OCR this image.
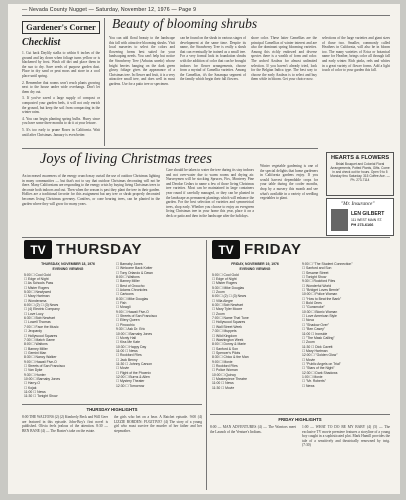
— Nevada County Nugget — Saturday, November 12, 1976 — Page 9
Gardener's Corner
Checklist

1. Cut back Daylily stalks to within 6 inches of the ground and lay down when foliage turns yellow or is blackened by frost. Wash off dirt and place them in the sun to dry. Save seeds of purpose garden dust. Place in dry sand or peat moss and store in a cool place until spring.

2. Remember that rooms won't reach plants growing next to the house under wide overhangs. Don't let them dry out.

3. If you've saved a large supply of compost or composted your garden beds, it will not only enrich the ground, but keep the soil from compacting in the winter rains.

4. You can begin planting spring bulbs. Hurry since you have some three months to do it at your leisure.

5. It's too early to prune Roses in California. Wait until after Christmas. January is even better.

Beauty of blooming shrubs
You can add floral beauty to the landscape this fall with attractive blooming shrubs. Visit local nurseries to select the colors and flowering forms best suited for your landscaping needs. You can't help but notice the Strawberry Tree (Arbutus unedo) whose bright berries hanging on the dark green glossy foliage gives the appearance of a Christmas tree. In flower and fruit, it is a very attractive small tree, and does well in most gardens. Use for a patio tree or specimen.
can be found on the shrub in various stages of development at the same time. Despite its name, the Strawberry Tree is really a shrub that can eventually be trained as a small tree. For a very formal look in foundation shrubs with the addition of color that can be brought indoors for flower arrangements, choose from a myriad of Camellia varieties. Among the Camellias, it's the Sasanqua segment of the family which begin their fall flowers.
shore color. These latter Camellias are the principal Camellias of winter interest and are also the dominant spring blooming varieties. Among this richly endowed and diverse species there is a wealth of form and color. The arched Azaleas for almost unlimited selection. If you haven't already tried, look for the Belgian Indica type. The best way to choose the early Azaleas is to select and buy them while in bloom. Get your choice now.
selections of the large varieties and giant sizes of those two. Smaller, commonly called Heathers in California, will also be in bloom too. The many varieties of Erica or botanical name for Heather, brings color all through fall and early winter. Rich pinks, reds and whites in a great variety of flower forms. Add a light touch of color to your garden this fall.
Joys of living Christmas trees
An increased awareness of the energy crunch may curtail the use of outdoor Christmas lighting in many communities — but that's not to say that outdoor Christmas decorating will not be there. Many Californians are responding to the energy crisis by buying living Christmas trees to decorate both indoors and out. Then when the season is past they plant the tree in their garden. Hollies are a traditional favorite for this assignment but any tree or shrub properly decorated becomes living Christmas greenery. Conifers, or cone bearing trees, can be planted in the garden where they will grow for many years.
Care should be taken to water the tree during its stay indoors and not over-water due to warm rooms and drying air. Nurserymen will be stocking Spruces, Firs, Monterey Pine and Deodar Cedars to name a few of those living Christmas tree varieties. Most can be maintained in large containers year round if carefully managed, or they can be planted in the landscape as permanent plantings which will enhance the garden. For the best selection of varieties and symmetrical trees, shop early. Whether you choose to enjoy an evergreen living Christmas tree in your home this year, place it on a deck or patio and then in the landscape after the holidays.
Winter vegetable gardening is one of the special delights that home gardeners in California gardens enjoy. If you would harvest dependable crops for your table during the cooler months, drop by a nursery this month and see what's available in a variety of seedling vegetables to plant.
HEARTS & FLOWERS
Bridal Bouquet and Colonial Floral Arrangements, Potted Plants, Gifts. Come in and check out for hours. Open 9 to 5 Monday thru Saturday. 315 Coffee Ave. — Ph. 273-7114
"Mr. Insurance"
LEN GILBERT
111 WEST MAIN ST.
PH 273-6166
TV THURSDAY
THURSDAY, NOVEMBER 18, 1976
EVENING VIEWING
5:00 ☐ Cool Gold
☐ Edge of Night
☐ As Schools Pass
☐ Mister Rogers
5:30 ☐ Newlywed
☐ Mary Hartman
☐ Wonderama
6:00 ☐ (2) ☐ (3) News
☐ (4) Electric Company
☐ Love Lucy
6:30 ☐ Bob Newhart
☐ Lowell Thomas
7:00 ☐ Face the Music
☐ Jeopardy
☐ Hollywood Squares
7:30 ☐ Match Game
8:00 ☐ Waltons
☐ Barney Miller
☐ Gemini Man
8:30 ☐ Nancy Walker
9:00 ☐ Hawaii Five-O
☐ Streets of San Francisco
☐ Van Dyke
9:30 ☐ Hunter
10:00 ☐ Barnaby Jones
☐ Harry-O
☐ Kojak
11:00 ☐ News
11:30 ☐ Tonight Show
☐ Barnaby Jones
☐ Welcome Back Kotter
☐ Tony Orlando & Dawn
8:00 ☐ Waltons
☐ Barney Miller
☐ Best of Groucho
☐ Adams Chronicles
☐ Cartoons
8:30 ☐ Mike Douglas
☐ Fish
☐ Mowgli
9:00 ☐ Hawaii Five-O
☐ Streets of San Francisco
☐ Ellery Queen
☐ Pinocchio
9:30 ☐ Ask Dr. Eric
10:00 ☐ Barnaby Jones
☐ Monty Hall
☐ Kiss Me Kate
10:30 ☐ Happy Day
11:00 ☐ News
☐ Rockford Files
☐ Jack Benny
11:30 ☐ Johnny Carson
☐ Movie
☐ Flight of the Phoenix
12:00 ☐ Burns & Allen
☐ Mystery Theater
12:30 ☐ Tomorrow
THURSDAY HIGHLIGHTS
8:00 THE WALTONS (2) (2) Kimberly Beck and Will Geer are featured in this episode. John-Boy's first novel is published. Olivia feels jealous of the attention. 8:30 — BEN BANE (4) — The Baxter's take on the estate.
the girls who bet on a bear. A Ratchet episode. 9:00 (4) LIZZIE BORDEN: FUGITIVE? (4) The story of a young girl who must survive the murder of her father and her stepmother.
TV FRIDAY
FRIDAY, NOVEMBER 19, 1976
EVENING VIEWING
5:00 ☐ Cool Gold
☐ Edge of Night
☐ Mister Rogers
5:30 ☐ Mike Douglas
☐ Zoom
6:00 ☐ (2) ☐ (3) News
☐ Villa Alegre
6:30 ☐ Bob Newhart
☐ Mary Tyler Moore
☐ Zoom
7:00 ☐ Name That Tune
☐ Hollywood Squares
☐ Wall Street Week
7:30 ☐ Muppets
☐ Wild Kingdom
☐ Washington Week
8:00 ☐ Donny & Marie
☐ Sanford & Son
☐ Spencer's Pilots
8:30 ☐ Chico & the Man
9:00 ☐ Movie
☐ Rockford Files
☐ Police Woman
10:00 ☐ Quincy
☐ Masterpiece Theatre
11:00 ☐ News
11:30 ☐ Movie
9:00 ☐ "The Student Connection"
☐ Sanford and Son
☐ Sesame Street
☐ Tonight Show
9:30 ☐ Rockford Files
☐ Wonderful World
☐ "Bridget Loves Bernie"
10:00 ☐ Police Woman
☐ "How to Beat the Bank"
☐ Bold Ones
☐ "Gunsmoke"
10:30 ☐ Bionic Woman
☐ Love American Style
☐ Nova
☐ "Shadow Over"
☐ "Ben Casey"
11:00 ☐ Ironside
☐ "The Mask Calling"
☐ Zoom
11:30 ☐ Dick Cavett
☐ Mary Hartman
12:00 ☐ "Golden Glow"
☐ Movie
☐ "Public Angels on Trial"
☐ "Stars of the Night"
12:30 ☐ Dark Shadows
1:00 ☐ Movie
☐ "Mr. Roberts"
☐ News
FRIDAY HIGHLIGHTS
8:00 — MAN ADVENTURES (4) — The Warriors meet the Launch of the Venture's Indians.
1:00 — WHAT TO DO BE MY BABY (4) (5) — The exclusive TV movie premiere features a storyline of a young boy caught in a sophisticated plot. Mark Hamill provides the tale of a sensitively and theatrically renowned by twig. (7:30)
